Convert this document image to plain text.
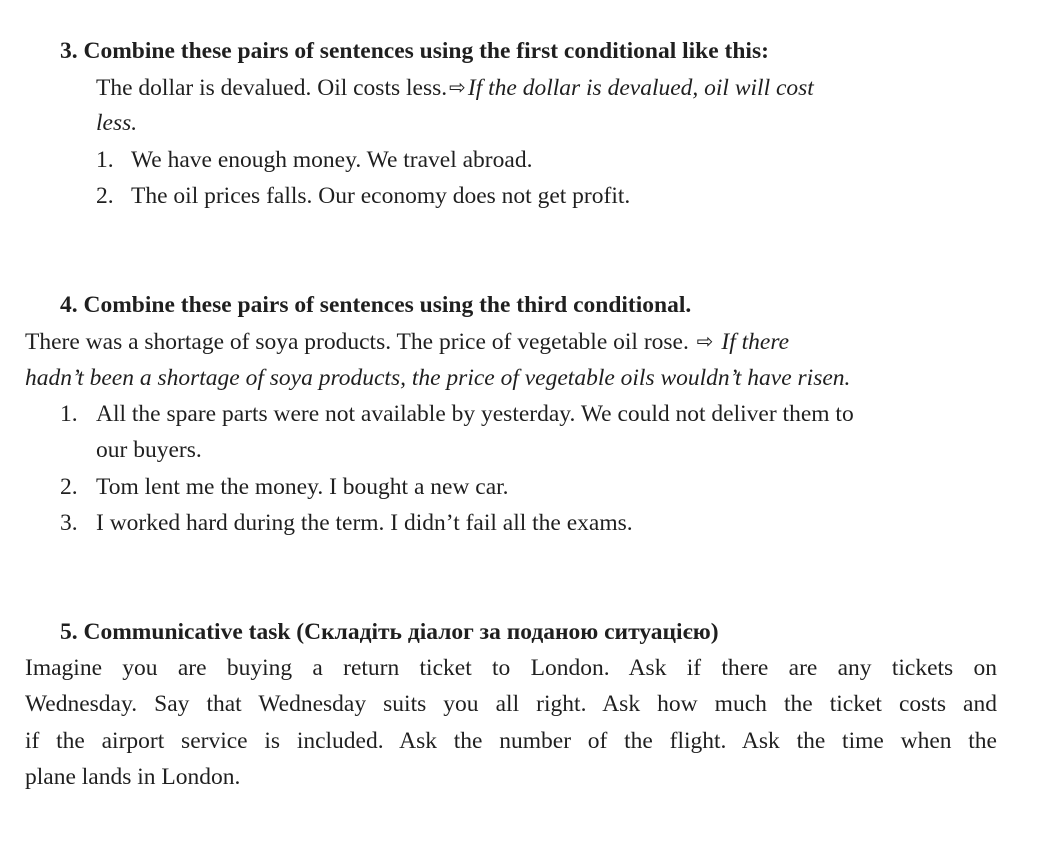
3. Combine these pairs of sentences using the first conditional like this:
The dollar is devalued. Oil costs less. ⇨If the dollar is devalued, oil will cost
less.
1. We have enough money. We travel abroad.
2. The oil prices falls. Our economy does not get profit.
4. Combine these pairs of sentences using the third conditional.
There was a shortage of soya products. The price of vegetable oil rose. ⇨ If there
hadn’t been a shortage of soya products, the price of vegetable oils wouldn’t have risen.
1. All the spare parts were not available by yesterday. We could not deliver them to
our buyers.
2. Tom lent me the money. I bought a new car.
3. I worked hard during the term. I didn’t fail all the exams.
5. Communicative task (Складіть діалог за поданою ситуацією)
Imagine you are buying a return ticket to London. Ask if there are any tickets on
Wednesday. Say that Wednesday suits you all right. Ask how much the ticket costs and
if the airport service is included. Ask the number of the flight. Ask the time when the
plane lands in London.
